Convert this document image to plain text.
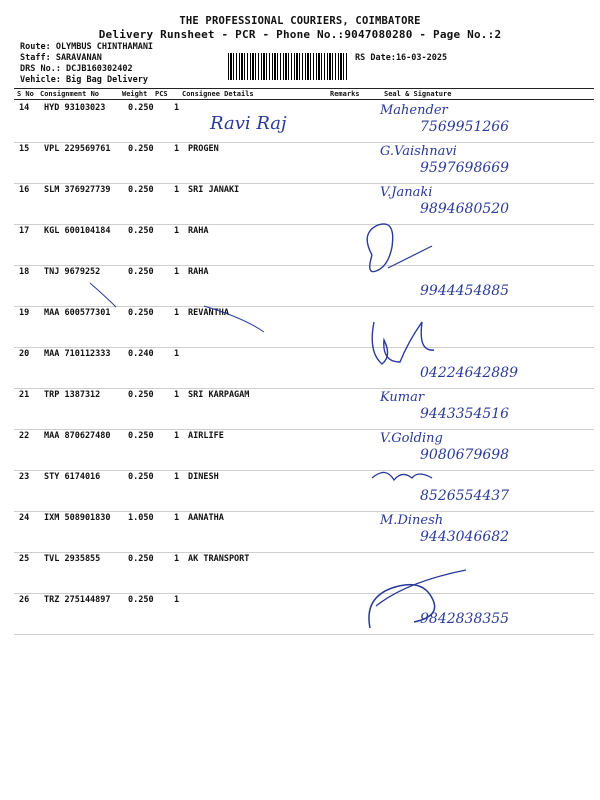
THE PROFESSIONAL COURIERS, COIMBATORE
Delivery Runsheet - PCR - Phone No.:9047080280 - Page No.:2
Route: OLYMBUS CHINTHAMANI
Staff: SARAVANAN
DRS No.: DCJB160302402
Vehicle: Big Bag Delivery
RS Date:16-03-2025
S No Consignment No	Weight PCS Consignee Details	Remarks	Seal & Signature
14 HYD 93103023	0.250 1
Ravi Raj
Mahender
7569951266
15 VPL 229569761 0.250 1 PROGEN	G.Vaishnavi
9597698669
16 SLM 376927739 0.250 1 SRI JANAKI	V.Janaki
9894680520
17 KGL 600104184 0.250 1 RAHA
18 TNJ 9679252	0.250 1 RAHA
9944454885
19 MAA 600577301 0.250 1 REVANTHA
20 MAA 710112333 0.240 1
04224642889
21 TRP 1387312	0.250 1 SRI KARPAGAM	Kumar
9443354516
22 MAA 870627480 0.250 1 AIRLIFE	V.Golding
9080679698
23 STY 6174016	0.250 1 DINESH
8526554437
24 IXM 508901830 1.050 1 AANATHA	M.Dinesh
9443046682
25 TVL 2935855	0.250 1 AK TRANSPORT
26 TRZ 275144897 0.250 1
9842838355
